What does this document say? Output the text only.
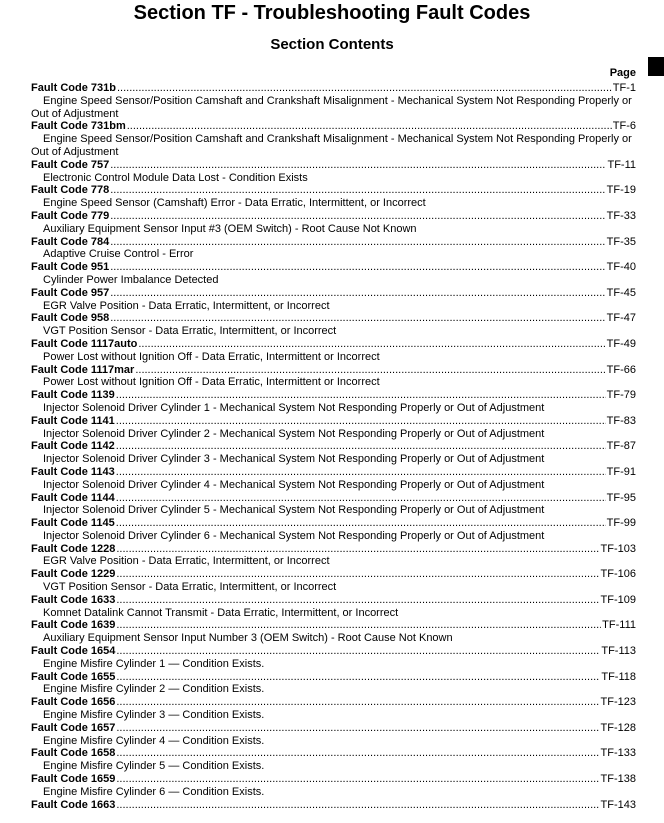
Section TF - Troubleshooting Fault Codes
Section Contents
Page
Fault Code 731b .....	TF-1
Engine Speed Sensor/Position Camshaft and Crankshaft Misalignment - Mechanical System Not Responding Properly or Out of Adjustment
Fault Code 731bm .....	TF-6
Engine Speed Sensor/Position Camshaft and Crankshaft Misalignment - Mechanical System Not Responding Properly or Out of Adjustment
Fault Code 757 .....	TF-11
Electronic Control Module Data Lost - Condition Exists
Fault Code 778 .....	TF-19
Engine Speed Sensor (Camshaft) Error - Data Erratic, Intermittent, or Incorrect
Fault Code 779 .....	TF-33
Auxiliary Equipment Sensor Input #3 (OEM Switch) - Root Cause Not Known
Fault Code 784 .....	TF-35
Adaptive Cruise Control - Error
Fault Code 951 .....	TF-40
Cylinder Power Imbalance Detected
Fault Code 957 .....	TF-45
EGR Valve Position - Data Erratic, Intermittent, or Incorrect
Fault Code 958 .....	TF-47
VGT Position Sensor - Data Erratic, Intermittent, or Incorrect
Fault Code 1117auto .....	TF-49
Power Lost without Ignition Off - Data Erratic, Intermittent or Incorrect
Fault Code 1117mar .....	TF-66
Power Lost without Ignition Off - Data Erratic, Intermittent or Incorrect
Fault Code 1139 .....	TF-79
Injector Solenoid Driver Cylinder 1 - Mechanical System Not Responding Properly or Out of Adjustment
Fault Code 1141 .....	TF-83
Injector Solenoid Driver Cylinder 2 - Mechanical System Not Responding Properly or Out of Adjustment
Fault Code 1142 .....	TF-87
Injector Solenoid Driver Cylinder 3 - Mechanical System Not Responding Properly or Out of Adjustment
Fault Code 1143 .....	TF-91
Injector Solenoid Driver Cylinder 4 - Mechanical System Not Responding Properly or Out of Adjustment
Fault Code 1144 .....	TF-95
Injector Solenoid Driver Cylinder 5 - Mechanical System Not Responding Properly or Out of Adjustment
Fault Code 1145 .....	TF-99
Injector Solenoid Driver Cylinder 6 - Mechanical System Not Responding Properly or Out of Adjustment
Fault Code 1228 .....	TF-103
EGR Valve Position - Data Erratic, Intermittent, or Incorrect
Fault Code 1229 .....	TF-106
VGT Position Sensor - Data Erratic, Intermittent, or Incorrect
Fault Code 1633 .....	TF-109
Komnet Datalink Cannot Transmit - Data Erratic, Intermittent, or Incorrect
Fault Code 1639 .....	TF-111
Auxiliary Equipment Sensor Input Number 3 (OEM Switch) - Root Cause Not Known
Fault Code 1654 .....	TF-113
Engine Misfire Cylinder 1 — Condition Exists.
Fault Code 1655 .....	TF-118
Engine Misfire Cylinder 2 — Condition Exists.
Fault Code 1656 .....	TF-123
Engine Misfire Cylinder 3 — Condition Exists.
Fault Code 1657 .....	TF-128
Engine Misfire Cylinder 4 — Condition Exists.
Fault Code 1658 .....	TF-133
Engine Misfire Cylinder 5 — Condition Exists.
Fault Code 1659 .....	TF-138
Engine Misfire Cylinder 6 — Condition Exists.
Fault Code 1663 .....	TF-143
